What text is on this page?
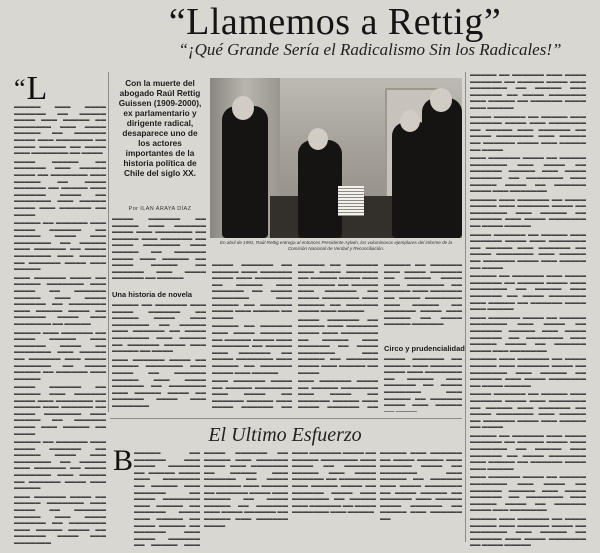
“Llamemos a Rettig”
“¡Qué Grande Sería el Radicalismo Sin los Radicales!”
“ L

▬▬▬▬▬ ▬▬▬ ▬▬▬▬ ▬▬▬▬▬▬ ▬▬ ▬▬▬▬▬ ▬▬▬▬ ▬▬▬ ▬▬▬▬▬ ▬▬ ▬▬▬▬▬▬▬ ▬▬▬ ▬▬▬▬ ▬▬▬▬▬ ▬▬ ▬▬▬▬▬▬ ▬▬▬▬ ▬▬▬ ▬▬▬▬▬▬▬ ▬▬ ▬▬▬▬ ▬▬▬▬▬ ▬▬ ▬▬▬▬ ▬▬▬ ▬▬▬▬▬▬▬ ▬▬ ▬▬▬▬

▬▬▬▬ ▬▬▬▬▬ ▬▬ ▬▬▬▬▬▬ ▬▬▬ ▬▬▬▬▬ ▬▬▬▬ ▬▬ ▬▬▬▬▬▬▬ ▬▬▬ ▬▬▬▬▬ ▬▬ ▬▬▬▬ ▬▬▬▬▬▬ ▬▬ ▬▬▬▬▬ ▬▬▬ ▬▬▬▬▬▬ ▬▬▬▬ ▬▬ ▬▬▬▬▬▬▬ ▬▬▬ ▬▬▬▬▬ ▬▬▬▬ ▬▬▬ ▬▬▬▬▬▬ ▬▬ ▬▬▬▬

▬▬▬▬▬ ▬▬ ▬▬▬▬▬▬ ▬▬▬ ▬▬▬▬ ▬▬▬▬▬▬ ▬▬ ▬▬▬▬▬ ▬▬▬▬ ▬▬▬ ▬▬▬▬▬▬▬ ▬▬ ▬▬▬▬▬ ▬▬▬ ▬▬▬▬▬▬ ▬▬ ▬▬▬▬ ▬▬▬▬▬▬▬ ▬▬▬ ▬▬▬▬▬ ▬▬ ▬▬▬▬▬▬ ▬▬▬▬ ▬▬▬ ▬▬▬▬▬

▬▬▬ ▬▬▬▬▬▬ ▬▬▬▬ ▬▬ ▬▬▬▬▬ ▬▬▬▬▬▬▬ ▬▬▬ ▬▬▬▬ ▬▬ ▬▬▬▬▬▬ ▬▬▬▬▬ ▬▬▬ ▬▬▬▬ ▬▬▬▬▬▬ ▬▬ ▬▬▬▬▬▬▬ ▬▬▬ ▬▬▬▬▬ ▬▬▬▬ ▬▬ ▬▬▬▬▬▬ ▬▬▬▬ ▬▬▬ ▬▬▬▬▬▬▬ ▬▬ ▬▬▬▬▬

▬▬▬▬▬ ▬▬▬ ▬▬▬▬▬▬ ▬▬ ▬▬▬▬ ▬▬▬▬▬ ▬▬▬ ▬▬▬▬▬▬ ▬▬▬▬ ▬▬ ▬▬▬▬▬▬▬ ▬▬▬ ▬▬▬▬▬ ▬▬ ▬▬▬▬▬▬ ▬▬▬ ▬▬▬▬ ▬▬▬▬▬▬▬ ▬▬ ▬▬▬▬ ▬▬▬▬▬ ▬▬ ▬▬▬▬▬▬ ▬▬▬ ▬▬▬▬▬

▬▬▬▬ ▬▬▬▬▬▬ ▬▬ ▬▬▬▬▬ ▬▬▬ ▬▬▬▬▬▬ ▬▬▬▬ ▬▬▬ ▬▬▬▬▬▬▬ ▬▬ ▬▬▬▬▬ ▬▬▬ ▬▬▬▬▬▬ ▬▬ ▬▬▬▬ ▬▬▬▬▬▬▬ ▬▬▬ ▬▬▬▬▬ ▬▬ ▬▬▬▬▬▬ ▬▬▬▬ ▬▬▬ ▬▬▬▬▬ ▬▬ ▬▬▬▬

▬▬▬▬▬ ▬▬ ▬▬▬▬▬▬ ▬▬▬ ▬▬▬▬ ▬▬▬▬▬▬ ▬▬ ▬▬▬▬▬ ▬▬▬▬ ▬▬▬ ▬▬▬▬▬▬▬ ▬▬ ▬▬▬▬▬ ▬▬▬ ▬▬▬▬▬▬ ▬▬ ▬▬▬▬ ▬▬▬▬▬▬▬ ▬▬▬ ▬▬▬▬▬ ▬▬ ▬▬▬▬▬▬ ▬▬▬▬ ▬▬▬ ▬▬▬▬▬

▬▬▬ ▬▬▬▬▬▬ ▬▬▬▬ ▬▬ ▬▬▬▬▬ ▬▬▬▬▬▬▬ ▬▬▬ ▬▬▬▬ ▬▬ ▬▬▬▬▬▬ ▬▬▬▬▬ ▬▬▬ ▬▬▬▬ ▬▬▬▬▬▬ ▬▬ ▬▬▬▬▬▬▬ ▬▬▬ ▬▬▬▬▬ ▬▬▬▬ ▬▬ ▬▬▬▬▬▬ ▬▬▬▬ ▬▬▬ ▬▬▬▬▬▬▬

Con la muerte del abogado Raúl Rettig Guissen (1909-2000), ex parlamentario y dirigente radical, desaparece uno de los actores importantes de la historia política de Chile del siglo XX.
Por ILAN ARAYA DÍAZ
En abril de 1991, Raúl Rettig entrega al entonces Presidente Aylwin, los voluminosos ejemplares del informe de la Comisión Nacional de Verdad y Reconciliación.

▬▬▬▬ ▬▬▬▬▬▬ ▬▬ ▬▬▬▬▬ ▬▬▬ ▬▬▬▬▬▬ ▬▬▬▬ ▬▬▬ ▬▬▬▬▬▬▬ ▬▬ ▬▬▬▬▬ ▬▬▬ ▬▬▬▬▬▬ ▬▬ ▬▬▬▬ ▬▬▬▬▬▬▬ ▬▬▬ ▬▬▬▬▬ ▬▬ ▬▬▬▬▬▬ ▬▬▬▬ ▬▬▬ ▬▬▬▬▬ ▬▬ ▬▬▬▬ ▬▬▬▬▬ ▬▬ ▬▬▬▬▬▬ ▬▬▬ ▬▬▬▬ ▬▬▬▬▬▬ ▬▬ ▬▬▬▬▬

Una historia de novela

▬▬▬▬▬ ▬▬ ▬▬▬▬▬▬ ▬▬▬ ▬▬▬▬ ▬▬▬▬▬▬ ▬▬ ▬▬▬▬▬ ▬▬▬▬ ▬▬▬ ▬▬▬▬▬▬▬ ▬▬ ▬▬▬▬▬ ▬▬▬ ▬▬▬▬▬▬ ▬▬ ▬▬▬▬ ▬▬▬▬▬▬▬ ▬▬▬ ▬▬▬▬▬ ▬▬ ▬▬▬▬▬▬ ▬▬▬▬ ▬▬▬ ▬▬▬▬▬ ▬▬ ▬▬▬▬

▬▬▬ ▬▬▬▬▬▬ ▬▬▬▬ ▬▬ ▬▬▬▬▬ ▬▬▬▬▬▬▬ ▬▬▬ ▬▬▬▬ ▬▬ ▬▬▬▬▬▬ ▬▬▬▬▬ ▬▬▬ ▬▬▬▬ ▬▬▬▬▬▬ ▬▬ ▬▬▬▬▬▬▬ ▬▬▬ ▬▬▬▬▬ ▬▬▬▬ ▬▬ ▬▬▬▬▬▬ ▬▬▬▬ ▬▬▬ ▬▬▬▬▬▬▬

▬▬▬▬ ▬▬▬▬▬▬ ▬▬ ▬▬▬▬▬ ▬▬▬ ▬▬▬▬▬▬ ▬▬▬▬ ▬▬▬ ▬▬▬▬▬▬▬ ▬▬ ▬▬▬▬▬ ▬▬▬ ▬▬▬▬▬▬ ▬▬ ▬▬▬▬ ▬▬▬▬▬▬▬ ▬▬▬ ▬▬▬▬▬ ▬▬ ▬▬▬▬▬▬ ▬▬▬▬ ▬▬▬ ▬▬▬▬▬ ▬▬ ▬▬▬▬

▬▬▬▬▬ ▬▬ ▬▬▬▬▬▬ ▬▬▬ ▬▬▬▬ ▬▬▬▬▬▬ ▬▬ ▬▬▬▬▬ ▬▬▬▬ ▬▬▬ ▬▬▬▬▬▬▬ ▬▬ ▬▬▬▬▬ ▬▬▬ ▬▬▬▬▬▬ ▬▬ ▬▬▬▬ ▬▬▬▬▬▬▬ ▬▬▬ ▬▬▬▬▬ ▬▬ ▬▬▬▬▬▬ ▬▬▬▬ ▬▬▬ ▬▬▬▬▬

▬▬▬ ▬▬▬▬▬▬ ▬▬▬▬ ▬▬ ▬▬▬▬▬ ▬▬▬▬▬▬▬ ▬▬▬ ▬▬▬▬ ▬▬ ▬▬▬▬▬▬ ▬▬▬▬▬ ▬▬▬ ▬▬▬▬ ▬▬▬▬▬▬ ▬▬

▬▬▬▬▬ ▬▬ ▬▬▬▬▬▬ ▬▬▬ ▬▬▬▬ ▬▬▬▬▬▬ ▬▬ ▬▬▬▬▬ ▬▬▬▬ ▬▬▬ ▬▬▬▬▬▬▬ ▬▬ ▬▬▬▬▬ ▬▬▬ ▬▬▬▬▬▬ ▬▬ ▬▬▬▬ ▬▬▬▬▬▬▬ ▬▬▬ ▬▬▬▬▬ ▬▬ ▬▬▬▬▬▬ ▬▬▬▬ ▬▬▬ ▬▬▬▬▬

▬▬▬▬ ▬▬▬▬▬▬ ▬▬ ▬▬▬▬▬ ▬▬▬ ▬▬▬▬▬▬ ▬▬▬▬ ▬▬▬ ▬▬▬▬▬▬▬ ▬▬ ▬▬▬▬▬ ▬▬▬ ▬▬▬▬▬▬ ▬▬ ▬▬▬▬ ▬▬▬▬▬▬▬ ▬▬▬ ▬▬▬▬▬ ▬▬ ▬▬▬▬▬▬ ▬▬▬▬ ▬▬▬ ▬▬▬▬▬ ▬▬ ▬▬▬▬

▬▬▬ ▬▬▬▬▬▬ ▬▬▬▬ ▬▬ ▬▬▬▬▬ ▬▬▬▬▬▬▬ ▬▬▬ ▬▬▬▬ ▬▬ ▬▬▬▬▬▬ ▬▬▬▬▬ ▬▬▬ ▬▬▬▬ ▬▬▬▬▬▬ ▬▬

▬▬▬▬▬ ▬▬ ▬▬▬▬▬▬ ▬▬▬ ▬▬▬▬ ▬▬▬▬▬▬ ▬▬ ▬▬▬▬▬ ▬▬▬▬ ▬▬▬ ▬▬▬▬▬▬▬ ▬▬ ▬▬▬▬▬ ▬▬▬ ▬▬▬▬▬▬ ▬▬ ▬▬▬▬ ▬▬▬▬▬▬▬ ▬▬▬ ▬▬▬▬▬ ▬▬ ▬▬▬▬▬▬ ▬▬▬▬ ▬▬▬ ▬▬▬▬▬ ▬▬ ▬▬▬▬ ▬▬▬▬▬ ▬▬▬▬▬▬

Circo y prudencialidad

▬▬▬▬ ▬▬▬▬▬▬ ▬▬ ▬▬▬▬▬ ▬▬▬ ▬▬▬▬▬▬ ▬▬▬▬ ▬▬▬ ▬▬▬▬▬▬▬ ▬▬ ▬▬▬▬▬ ▬▬▬ ▬▬▬▬▬▬ ▬▬ ▬▬▬▬ ▬▬▬▬▬▬▬ ▬▬▬ ▬▬▬▬▬ ▬▬ ▬▬▬▬▬▬ ▬▬▬▬ ▬▬▬ ▬▬▬▬▬ ▬▬ ▬▬▬▬

El Ultimo Esfuerzo
B ▬▬▬▬▬ ▬▬ ▬▬▬▬▬▬ ▬▬▬ ▬▬▬▬ ▬▬▬▬▬▬ ▬▬ ▬▬▬▬▬ ▬▬▬▬ ▬▬▬ ▬▬▬▬▬▬▬ ▬▬ ▬▬▬▬▬ ▬▬▬ ▬▬▬▬▬▬ ▬▬ ▬▬▬▬ ▬▬▬▬▬▬▬ ▬▬▬ ▬▬▬▬▬ ▬▬ ▬▬▬▬▬▬ ▬▬▬▬ ▬▬▬ ▬▬▬▬▬ ▬▬ ▬▬▬▬ ▬▬▬▬▬ ▬▬ ▬▬▬▬▬▬ ▬▬▬ ▬▬▬▬ ▬▬▬▬▬▬ ▬▬ ▬▬▬▬▬ ▬▬▬

▬▬▬▬ ▬▬▬▬▬▬ ▬▬ ▬▬▬▬▬ ▬▬▬ ▬▬▬▬▬▬ ▬▬▬▬ ▬▬▬ ▬▬▬▬▬▬▬ ▬▬ ▬▬▬▬▬ ▬▬▬ ▬▬▬▬▬▬ ▬▬ ▬▬▬▬ ▬▬▬▬▬▬▬ ▬▬▬ ▬▬▬▬▬ ▬▬ ▬▬▬▬▬▬ ▬▬▬▬ ▬▬▬ ▬▬▬▬▬ ▬▬ ▬▬▬▬ ▬▬▬▬▬ ▬▬ ▬▬▬▬▬▬ ▬▬▬ ▬▬▬▬ ▬▬▬▬▬▬ ▬▬ ▬▬▬▬▬ ▬▬▬ ▬▬▬▬▬▬ ▬▬▬▬

▬▬▬ ▬▬▬▬▬▬ ▬▬▬▬ ▬▬ ▬▬▬▬▬ ▬▬▬▬▬▬▬ ▬▬▬ ▬▬▬▬ ▬▬ ▬▬▬▬▬▬ ▬▬▬▬▬ ▬▬▬ ▬▬▬▬ ▬▬▬▬▬▬ ▬▬ ▬▬▬▬▬▬▬ ▬▬▬ ▬▬▬▬▬ ▬▬▬▬ ▬▬ ▬▬▬▬▬▬ ▬▬▬▬ ▬▬▬ ▬▬▬▬▬▬▬ ▬▬ ▬▬▬▬▬ ▬▬▬ ▬▬▬▬▬▬ ▬▬ ▬▬▬▬ ▬▬▬▬▬▬▬ ▬▬▬ ▬▬▬▬▬

▬▬▬▬▬ ▬▬▬ ▬▬▬▬▬▬ ▬▬ ▬▬▬▬ ▬▬▬▬▬ ▬▬▬ ▬▬▬▬▬▬ ▬▬▬▬ ▬▬ ▬▬▬▬▬▬▬ ▬▬▬ ▬▬▬▬▬ ▬▬ ▬▬▬▬▬▬ ▬▬▬ ▬▬▬▬ ▬▬▬▬▬▬▬ ▬▬ ▬▬▬▬ ▬▬▬▬▬ ▬▬ ▬▬▬▬▬▬ ▬▬▬ ▬▬▬▬▬ ▬▬▬▬ ▬▬▬▬▬▬ ▬▬ ▬▬▬▬▬ ▬▬▬ ▬▬▬▬▬▬ ▬▬

▬▬▬▬▬ ▬▬ ▬▬▬▬▬▬ ▬▬▬ ▬▬▬▬ ▬▬▬▬▬▬ ▬▬ ▬▬▬▬▬ ▬▬▬▬ ▬▬▬ ▬▬▬▬▬▬▬ ▬▬ ▬▬▬▬▬ ▬▬▬ ▬▬▬▬▬▬ ▬▬ ▬▬▬▬ ▬▬▬▬▬▬▬ ▬▬▬ ▬▬▬▬▬ ▬▬ ▬▬▬▬▬▬ ▬▬▬▬ ▬▬▬ ▬▬▬▬▬

▬▬▬▬ ▬▬▬▬▬▬ ▬▬ ▬▬▬▬▬ ▬▬▬ ▬▬▬▬▬▬ ▬▬▬▬ ▬▬▬ ▬▬▬▬▬▬▬ ▬▬ ▬▬▬▬▬ ▬▬▬ ▬▬▬▬▬▬ ▬▬ ▬▬▬▬ ▬▬▬▬▬▬▬ ▬▬▬ ▬▬▬▬▬ ▬▬ ▬▬▬▬▬▬ ▬▬▬▬ ▬▬▬ ▬▬▬▬▬ ▬▬ ▬▬▬▬

▬▬▬ ▬▬▬▬▬▬ ▬▬▬▬ ▬▬ ▬▬▬▬▬ ▬▬▬▬▬▬▬ ▬▬▬ ▬▬▬▬ ▬▬ ▬▬▬▬▬▬ ▬▬▬▬▬ ▬▬▬ ▬▬▬▬ ▬▬▬▬▬▬ ▬▬ ▬▬▬▬▬▬▬ ▬▬▬ ▬▬▬▬▬ ▬▬▬▬ ▬▬ ▬▬▬▬▬▬ ▬▬▬▬ ▬▬▬ ▬▬▬▬▬▬▬

▬▬▬▬▬ ▬▬▬ ▬▬▬▬▬▬ ▬▬ ▬▬▬▬ ▬▬▬▬▬ ▬▬▬ ▬▬▬▬▬▬ ▬▬▬▬ ▬▬ ▬▬▬▬▬▬▬ ▬▬▬ ▬▬▬▬▬ ▬▬ ▬▬▬▬▬▬ ▬▬▬ ▬▬▬▬ ▬▬▬▬▬▬▬ ▬▬ ▬▬▬▬ ▬▬▬▬▬

▬▬▬▬ ▬▬▬▬▬▬ ▬▬ ▬▬▬▬▬ ▬▬▬ ▬▬▬▬▬▬ ▬▬▬▬ ▬▬▬ ▬▬▬▬▬▬▬ ▬▬ ▬▬▬▬▬ ▬▬▬ ▬▬▬▬▬▬ ▬▬ ▬▬▬▬ ▬▬▬▬▬▬▬ ▬▬▬ ▬▬▬▬▬ ▬▬ ▬▬▬▬▬▬ ▬▬▬▬ ▬▬▬ ▬▬▬▬▬ ▬▬ ▬▬▬▬

▬▬▬▬▬ ▬▬ ▬▬▬▬▬▬ ▬▬▬ ▬▬▬▬ ▬▬▬▬▬▬ ▬▬ ▬▬▬▬▬ ▬▬▬▬ ▬▬▬ ▬▬▬▬▬▬▬ ▬▬ ▬▬▬▬▬ ▬▬▬ ▬▬▬▬▬▬ ▬▬ ▬▬▬▬ ▬▬▬▬▬▬▬ ▬▬▬ ▬▬▬▬▬ ▬▬ ▬▬▬▬▬▬ ▬▬▬▬ ▬▬▬ ▬▬▬▬▬

▬▬▬ ▬▬▬▬▬▬ ▬▬▬▬ ▬▬ ▬▬▬▬▬ ▬▬▬▬▬▬▬ ▬▬▬ ▬▬▬▬ ▬▬ ▬▬▬▬▬▬ ▬▬▬▬▬ ▬▬▬ ▬▬▬▬ ▬▬▬▬▬▬ ▬▬ ▬▬▬▬▬▬▬ ▬▬▬ ▬▬▬▬▬ ▬▬▬▬ ▬▬ ▬▬▬▬▬▬ ▬▬▬▬ ▬▬▬ ▬▬▬▬▬▬▬

▬▬▬▬▬ ▬▬▬ ▬▬▬▬▬▬ ▬▬ ▬▬▬▬ ▬▬▬▬▬ ▬▬▬ ▬▬▬▬▬▬ ▬▬▬▬ ▬▬ ▬▬▬▬▬▬▬ ▬▬▬ ▬▬▬▬▬ ▬▬ ▬▬▬▬▬▬ ▬▬▬ ▬▬▬▬ ▬▬▬▬▬▬▬ ▬▬ ▬▬▬▬ ▬▬▬▬▬

▬▬▬▬ ▬▬▬▬▬▬ ▬▬ ▬▬▬▬▬ ▬▬▬ ▬▬▬▬▬▬ ▬▬▬▬ ▬▬▬ ▬▬▬▬▬▬▬ ▬▬ ▬▬▬▬▬ ▬▬▬ ▬▬▬▬▬▬ ▬▬ ▬▬▬▬ ▬▬▬▬▬▬▬ ▬▬▬ ▬▬▬▬▬ ▬▬ ▬▬▬▬▬▬ ▬▬▬▬ ▬▬▬ ▬▬▬▬▬ ▬▬ ▬▬▬▬

▬▬▬▬▬ ▬▬ ▬▬▬▬▬▬ ▬▬▬ ▬▬▬▬ ▬▬▬▬▬▬ ▬▬ ▬▬▬▬▬ ▬▬▬▬ ▬▬▬ ▬▬▬▬▬▬▬ ▬▬ ▬▬▬▬▬ ▬▬▬ ▬▬▬▬▬▬ ▬▬ ▬▬▬▬ ▬▬▬▬▬▬▬ ▬▬▬ ▬▬▬▬▬ ▬▬ ▬▬▬▬▬▬ ▬▬▬▬ ▬▬▬ ▬▬▬▬▬

▬▬▬ ▬▬▬▬▬▬ ▬▬▬▬ ▬▬ ▬▬▬▬▬ ▬▬▬▬▬▬▬ ▬▬▬ ▬▬▬▬ ▬▬ ▬▬▬▬▬▬ ▬▬▬▬▬ ▬▬▬ ▬▬▬▬ ▬▬▬▬▬▬ ▬▬ ▬▬▬▬▬▬▬ ▬▬▬ ▬▬▬▬▬ ▬▬▬▬ ▬▬ ▬▬▬▬▬▬ ▬▬▬▬ ▬▬▬ ▬▬▬▬▬▬▬

▬▬▬▬▬ ▬▬▬ ▬▬▬▬▬▬ ▬▬ ▬▬▬▬ ▬▬▬▬▬ ▬▬▬ ▬▬▬▬▬▬ ▬▬▬▬ ▬▬ ▬▬▬▬▬▬▬ ▬▬▬ ▬▬▬▬▬ ▬▬ ▬▬▬▬▬▬ ▬▬▬ ▬▬▬▬ ▬▬▬▬▬▬▬ ▬▬ ▬▬▬▬ ▬▬▬▬▬
